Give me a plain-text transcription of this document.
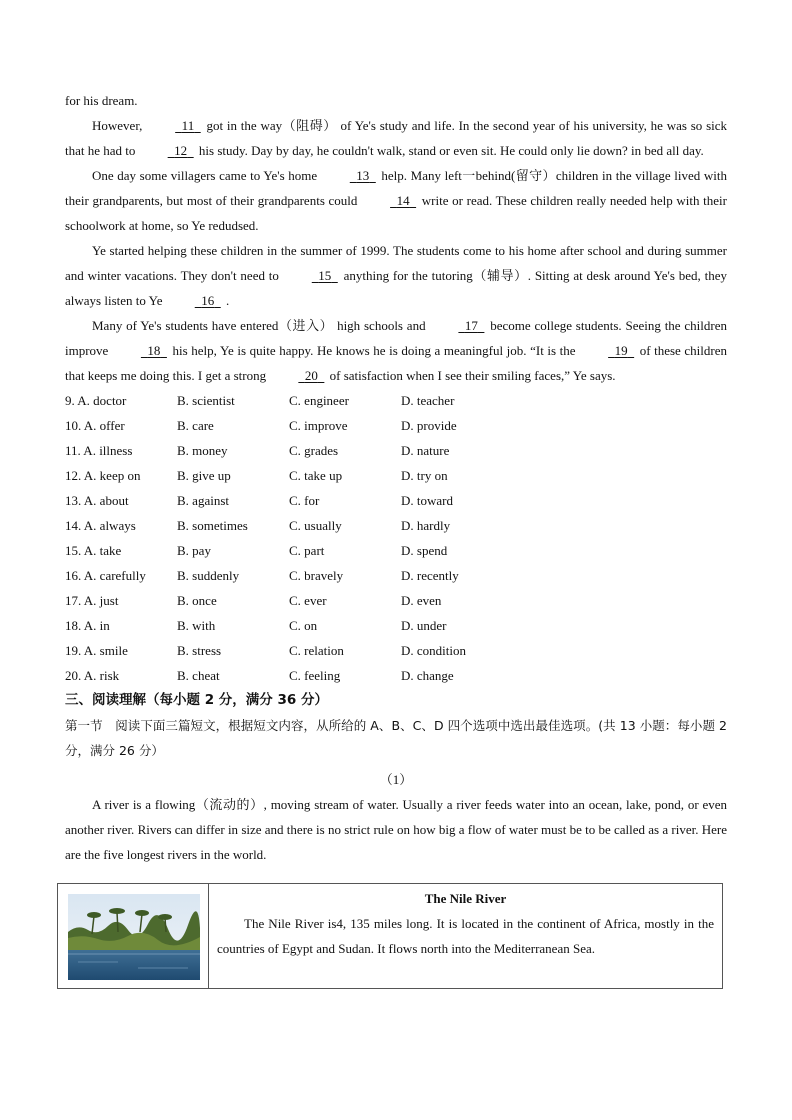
for his dream.

However,	11   got in the way（阻碍） of Ye's study and life. In the second year of his university, he was so sick that he had to	12   his study. Day by day, he couldn't walk, stand or even sit. He could only lie down? in bed all day.

One day some villagers came to Ye's home	13   help. Many left一behind(留守）children in the village lived with their grandparents, but most of their grandparents could	14   write or read. These children really needed help with their schoolwork at home, so Ye redudsed.

Ye started helping these children in the summer of 1999. The students come to his home after school and during summer and winter vacations. They don't need to	15   anything for the tutoring（辅导）. Sitting at desk around Ye's bed, they always listen to Ye	16   .

Many of Ye's students have entered（进入） high schools and	17   become college students. Seeing the children improve	18   his help, Ye is quite happy. He knows he is doing a meaningful job. “It is the	19   of these children that keeps me doing this. I get a strong	20   of satisfaction when I see their smiling faces,” Ye says.

9. A. doctor	B. scientist	C. engineer	D. teacher
10. A. offer	B. care	C. improve	D. provide
11. A. illness	B. money	C. grades	D. nature
12. A. keep on	B. give up	C. take up	D. try on
13. A. about	B. against	C. for	D. toward
14. A. always	B. sometimes	C. usually	D. hardly
15. A. take	B. pay	C. part	D. spend
16. A. carefully	B. suddenly	C. bravely	D. recently
17. A. just	B. once	C. ever	D. even
18. A. in	B. with	C. on	D. under
19. A. smile	B. stress	C. relation	D. condition
20. A. risk	B. cheat	C. feeling	D. change

三、阅读理解（每小题 2 分，满分 36 分）

第一节　阅读下面三篇短文，根据短文内容，从所给的 A、B、C、D 四个选项中选出最佳选项。(共 13 小题：每小题 2 分，满分 26 分）

（1）

A river is a flowing（流动的）, moving stream of water. Usually a river feeds water into an ocean, lake, pond, or even another river. Rivers can differ in size and there is no strict rule on how big a flow of water must be to be called as a river. Here are the five longest rivers in the world.

The Nile River

The Nile River is4, 135 miles long. It is located in the continent of Africa, mostly in the countries of Egypt and Sudan. It flows north into the Mediterranean Sea.
